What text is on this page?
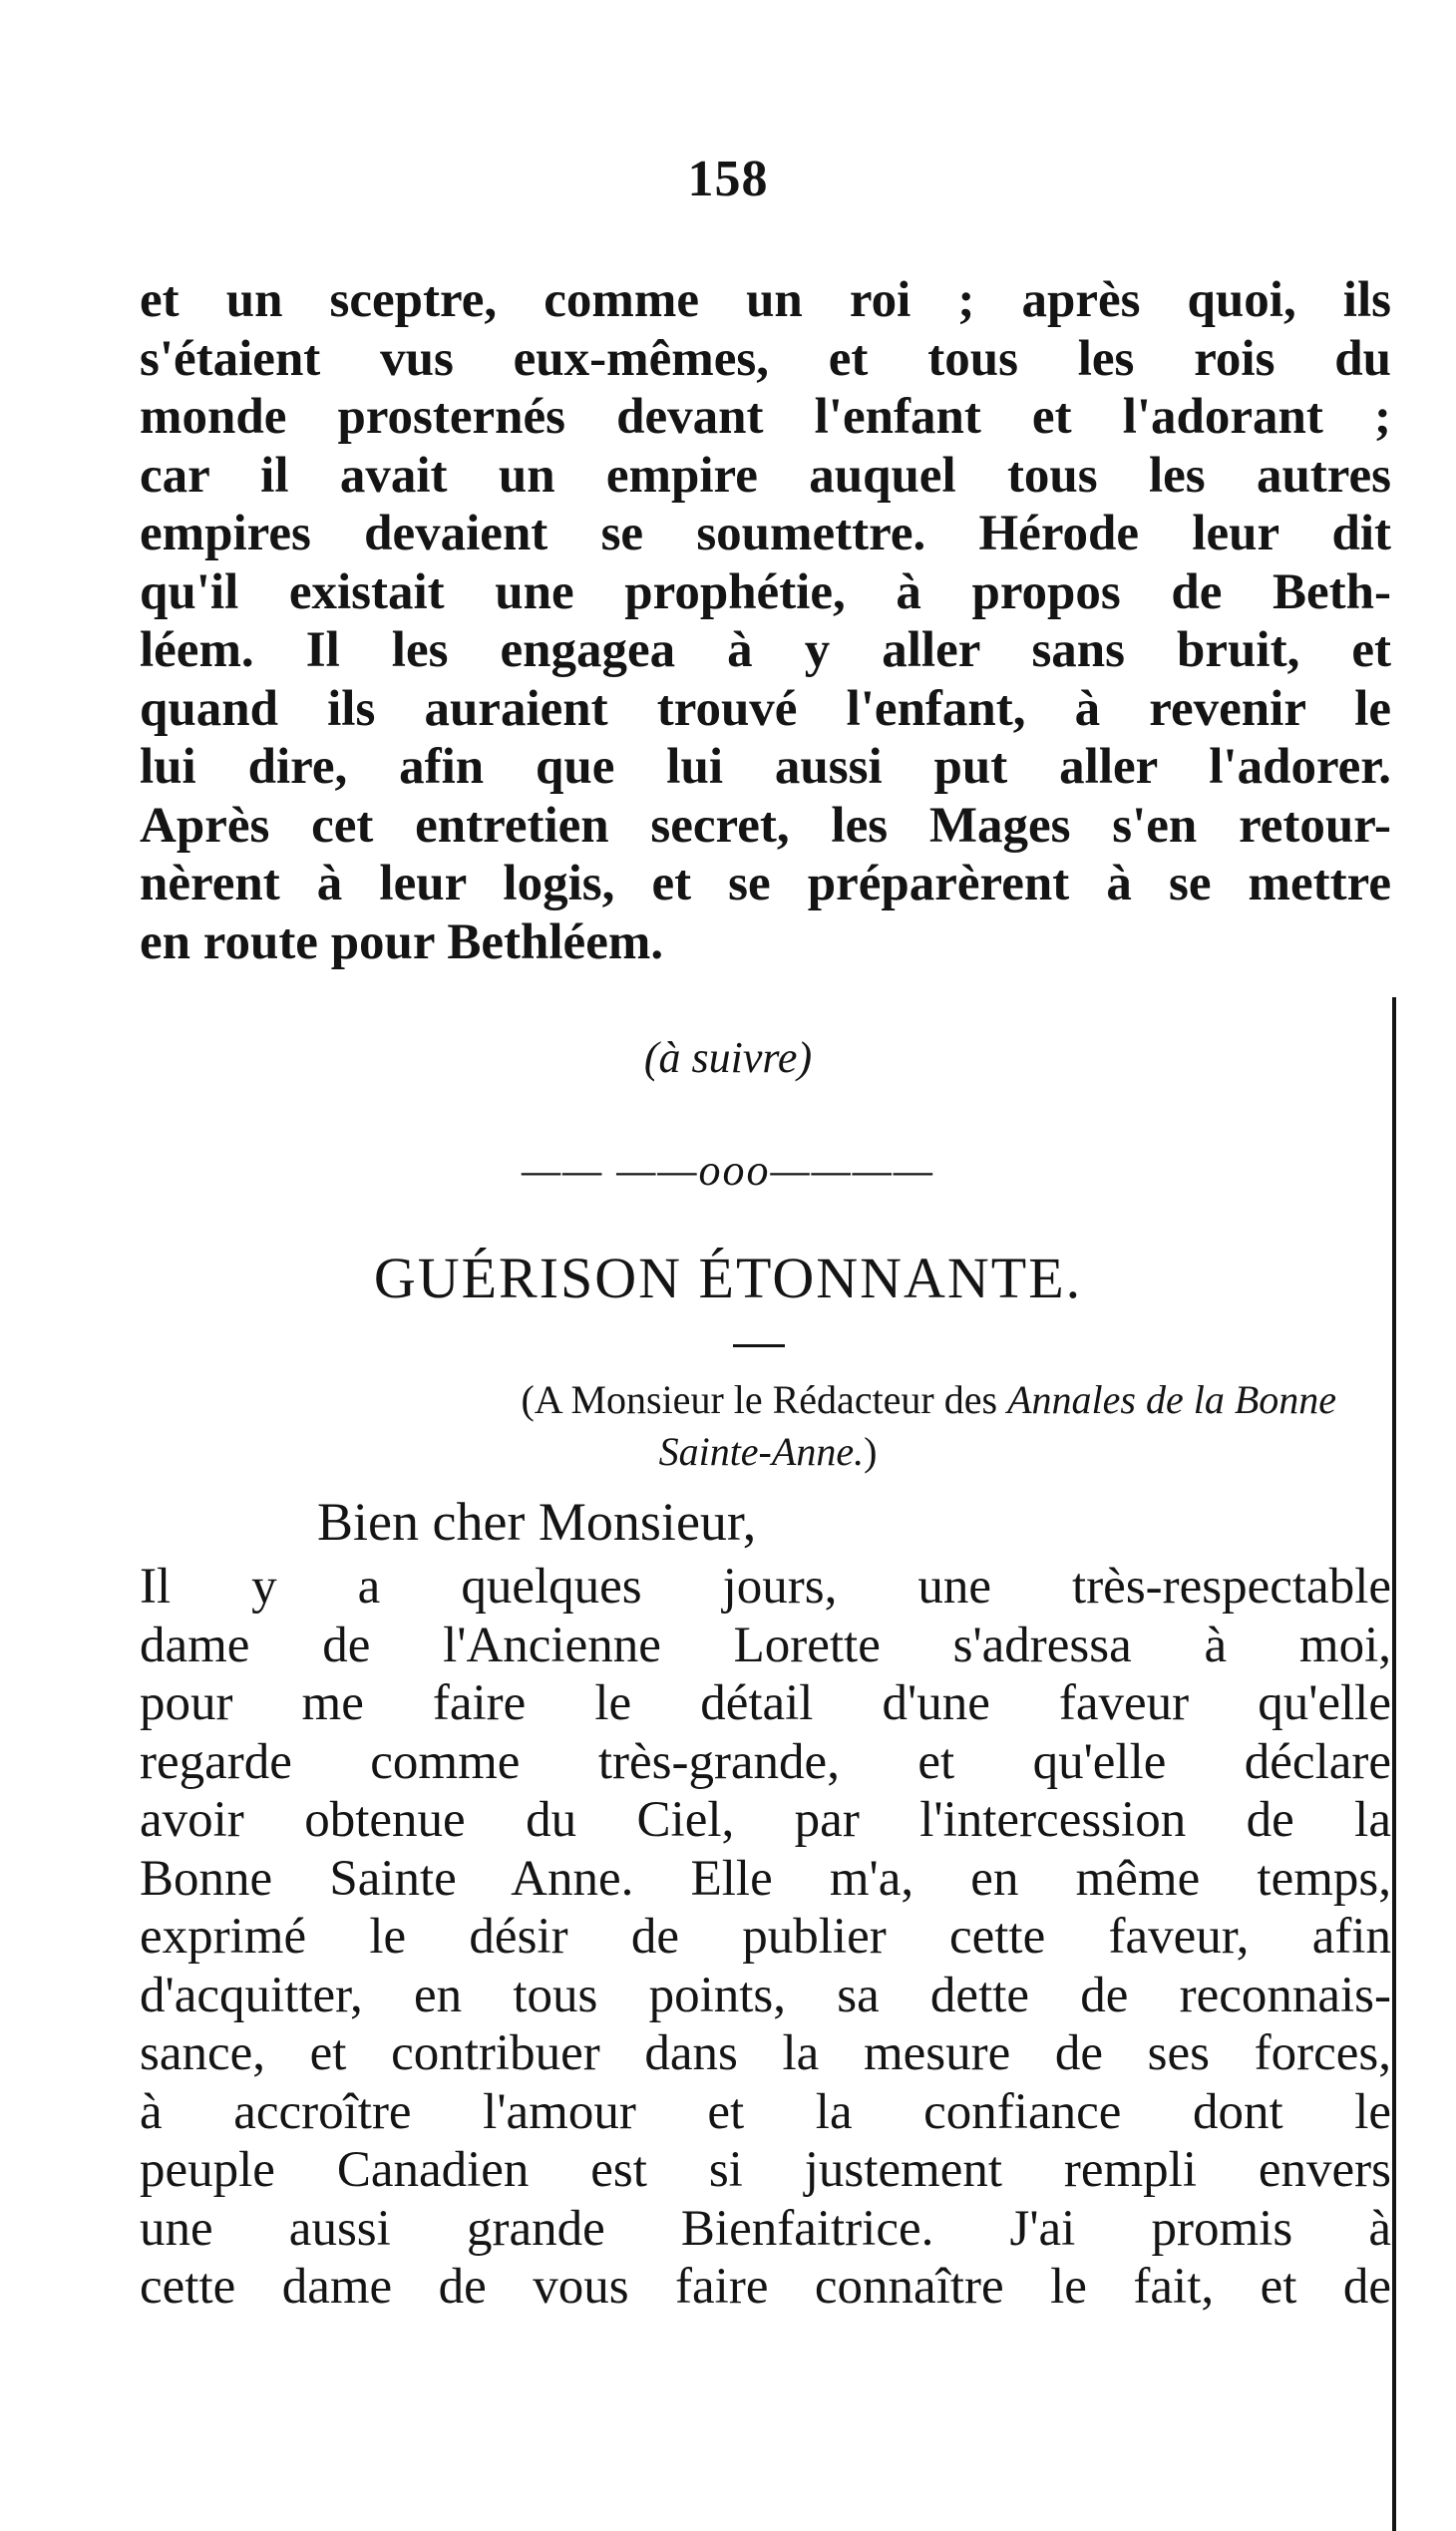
158
et un sceptre, comme un roi ; après quoi, ils
s'étaient vus eux-mêmes, et tous les rois du
monde prosternés devant l'enfant et l'adorant ;
car il avait un empire auquel tous les autres
empires devaient se soumettre. Hérode leur dit
qu'il existait une prophétie, à propos de Beth-
léem. Il les engagea à y aller sans bruit, et
quand ils auraient trouvé l'enfant, à revenir le
lui dire, afin que lui aussi put aller l'adorer.
Après cet entretien secret, les Mages s'en retour-
nèrent à leur logis, et se préparèrent à se mettre
en route pour Bethléem.
(à suivre)
—— ——ooo————
GUÉRISON ÉTONNANTE.
(A Monsieur le Rédacteur des Annales de la Bonne
Sainte-Anne.)
Bien cher Monsieur,
Il y a quelques jours, une très-respectable
dame de l'Ancienne Lorette s'adressa à moi,
pour me faire le détail d'une faveur qu'elle
regarde comme très-grande, et qu'elle déclare
avoir obtenue du Ciel, par l'intercession de la
Bonne Sainte Anne. Elle m'a, en même temps,
exprimé le désir de publier cette faveur, afin
d'acquitter, en tous points, sa dette de reconnais-
sance, et contribuer dans la mesure de ses forces,
à accroître l'amour et la confiance dont le
peuple Canadien est si justement rempli envers
une aussi grande Bienfaitrice. J'ai promis à
cette dame de vous faire connaître le fait, et de
